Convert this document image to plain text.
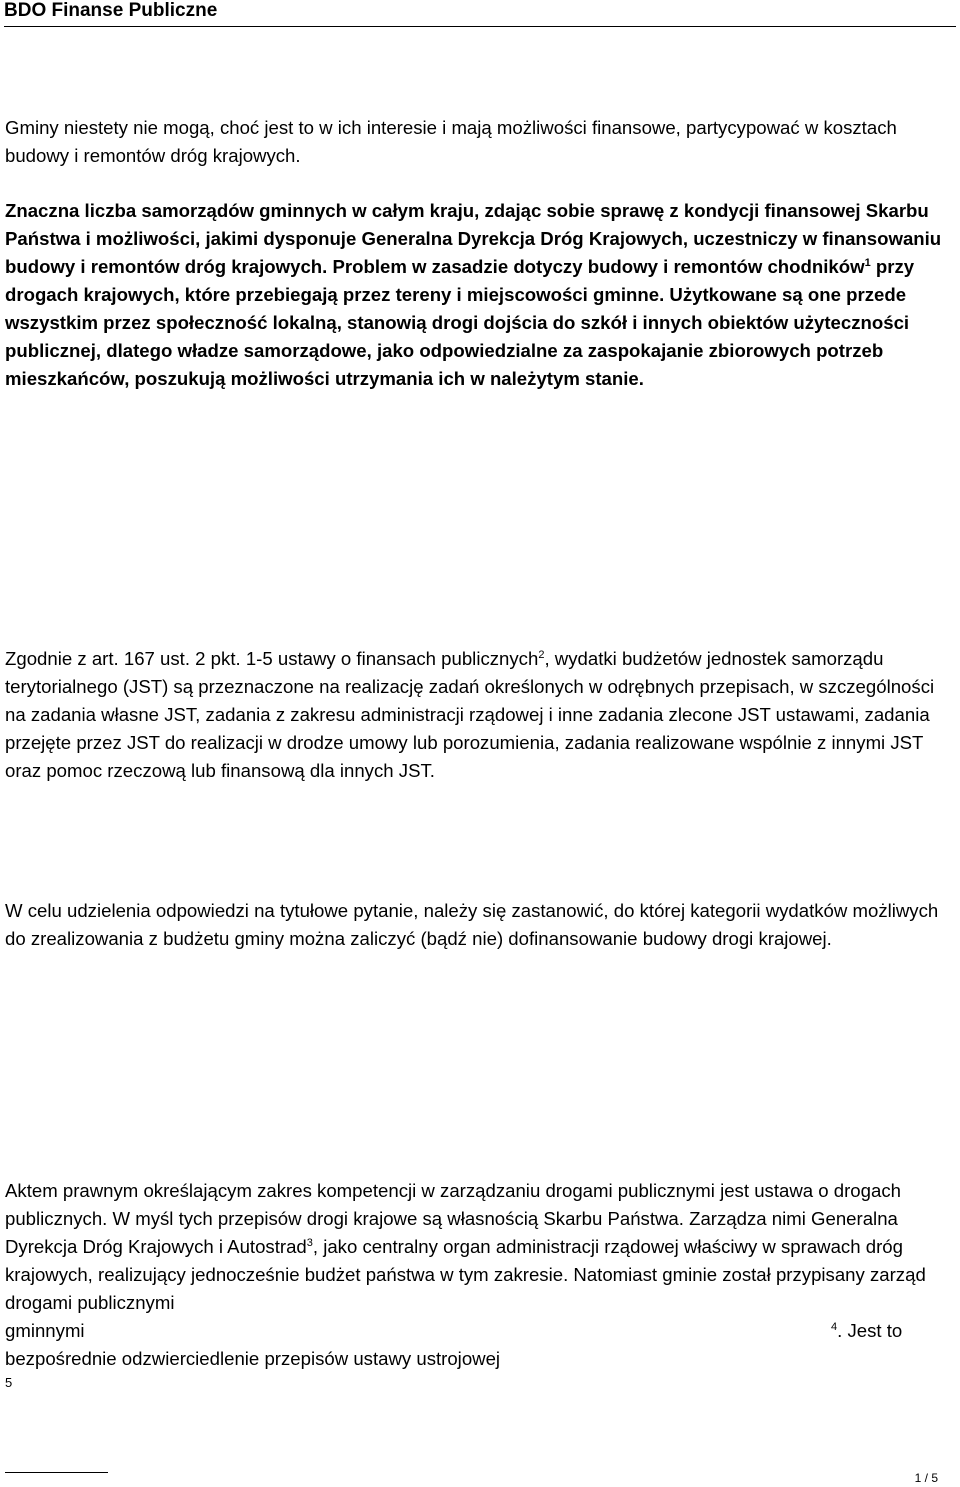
BDO Finanse Publiczne

Gminy niestety nie mogą, choć jest to w ich interesie i mają możliwości finansowe, partycypować w kosztach budowy i remontów dróg krajowych.

Znaczna liczba samorządów gminnych w całym kraju, zdając sobie sprawę z kondycji finansowej Skarbu Państwa i możliwości, jakimi dysponuje Generalna Dyrekcja Dróg Krajowych, uczestniczy w finansowaniu budowy i remontów dróg krajowych. Problem w zasadzie dotyczy budowy i remontów chodników$^1$ przy drogach krajowych, które przebiegają przez tereny i miejscowości gminne. Użytkowane są one przede wszystkim przez społeczność lokalną, stanowią drogi dojścia do szkół i innych obiektów użyteczności publicznej, dlatego władze samorządowe, jako odpowiedzialne za zaspokajanie zbiorowych potrzeb mieszkańców, poszukują możliwości utrzymania ich w należytym stanie.

Zgodnie z art. 167 ust. 2 pkt. 1-5 ustawy o finansach publicznych$^2$, wydatki budżetów jednostek samorządu terytorialnego (JST) są przeznaczone na realizację zadań określonych w odrębnych przepisach, w szczególności na zadania własne JST, zadania z zakresu administracji rządowej i inne zadania zlecone JST ustawami, zadania przejęte przez JST do realizacji w drodze umowy lub porozumienia, zadania realizowane wspólnie z innymi JST oraz pomoc rzeczową lub finansową dla innych JST.

W celu udzielenia odpowiedzi na tytułowe pytanie, należy się zastanowić, do której kategorii wydatków możliwych do zrealizowania z budżetu gminy można zaliczyć (bądź nie) dofinansowanie budowy drogi krajowej.

Aktem prawnym określającym zakres kompetencji w zarządzaniu drogami publicznymi jest ustawa o drogach publicznych. W myśl tych przepisów drogi krajowe są własnością Skarbu Państwa. Zarządza nimi Generalna Dyrekcja Dróg Krajowych i Autostrad$^3$, jako centralny organ administracji rządowej właściwy w sprawach dróg krajowych, realizujący jednocześnie budżet państwa w tym zakresie. Natomiast gminie został przypisany zarząd drogami publicznymi
gminnymi	$^4$. Jest to
bezpośrednie odzwierciedlenie przepisów ustawy ustrojowej
5
1 / 5
